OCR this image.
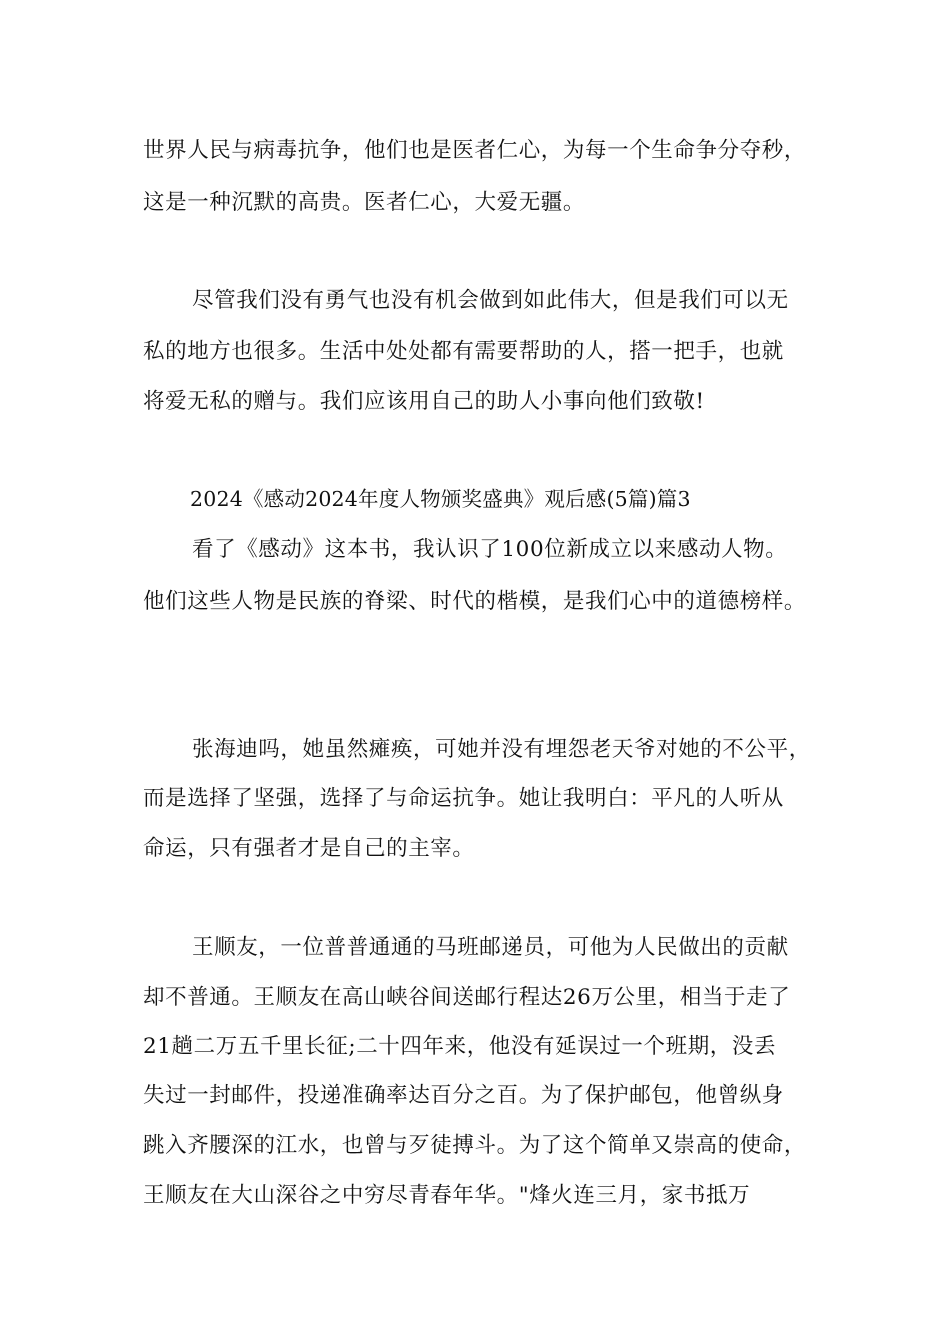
世界人民与病毒抗争，他们也是医者仁心，为每一个生命争分夺秒，
这是一种沉默的高贵。医者仁心，大爱无疆。
尽管我们没有勇气也没有机会做到如此伟大，但是我们可以无
私的地方也很多。生活中处处都有需要帮助的人，搭一把手，也就
将爱无私的赠与。我们应该用自己的助人小事向他们致敬!
2024《感动2024年度人物颁奖盛典》观后感(5篇)篇3
看了《感动》这本书，我认识了100位新成立以来感动人物。
他们这些人物是民族的脊梁、时代的楷模，是我们心中的道德榜样。
张海迪吗，她虽然瘫痪，可她并没有埋怨老天爷对她的不公平，
而是选择了坚强，选择了与命运抗争。她让我明白：平凡的人听从
命运，只有强者才是自己的主宰。
王顺友，一位普普通通的马班邮递员，可他为人民做出的贡献
却不普通。王顺友在高山峡谷间送邮行程达26万公里，相当于走了
21趟二万五千里长征;二十四年来，他没有延误过一个班期，没丢
失过一封邮件，投递准确率达百分之百。为了保护邮包，他曾纵身
跳入齐腰深的江水，也曾与歹徒搏斗。为了这个简单又崇高的使命，
王顺友在大山深谷之中穷尽青春年华。"烽火连三月，家书抵万
